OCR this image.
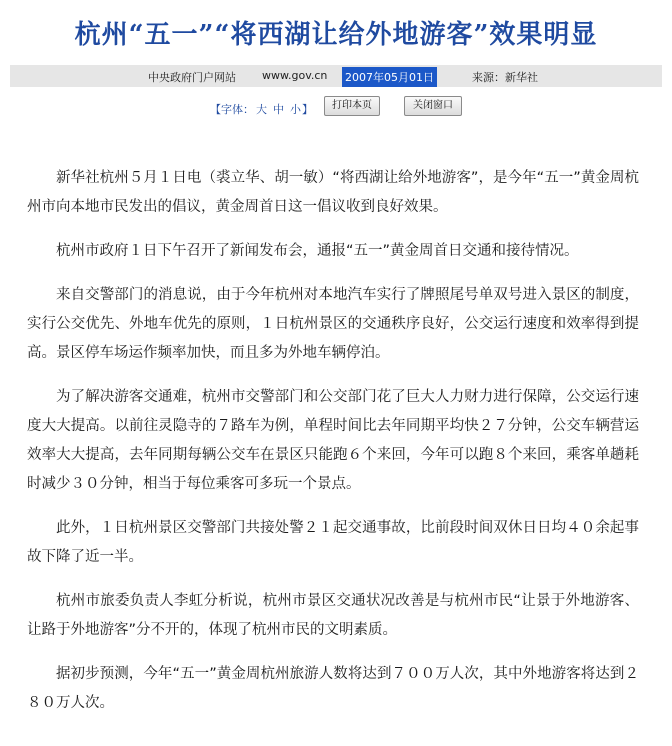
杭州“五一”“将西湖让给外地游客”效果明显
中央政府门户网站 www.gov.cn 2007年05月01日	来源：新华社
【字体： 大 中 小 】	打印本页	关闭窗口

新华社杭州５月１日电（裘立华、胡一敏）“将西湖让给外地游客”，是今年“五一”黄金周杭州市向本地市民发出的倡议，黄金周首日这一倡议收到良好效果。

杭州市政府１日下午召开了新闻发布会，通报“五一”黄金周首日交通和接待情况。

来自交警部门的消息说，由于今年杭州对本地汽车实行了牌照尾号单双号进入景区的制度，实行公交优先、外地车优先的原则，１日杭州景区的交通秩序良好，公交运行速度和效率得到提高。景区停车场运作频率加快，而且多为外地车辆停泊。

为了解决游客交通难，杭州市交警部门和公交部门花了巨大人力财力进行保障，公交运行速度大大提高。以前往灵隐寺的７路车为例，单程时间比去年同期平均快２７分钟，公交车辆营运效率大大提高，去年同期每辆公交车在景区只能跑６个来回，今年可以跑８个来回，乘客单趟耗时减少３０分钟，相当于每位乘客可多玩一个景点。

此外，１日杭州景区交警部门共接处警２１起交通事故，比前段时间双休日日均４０余起事故下降了近一半。

杭州市旅委负责人李虹分析说，杭州市景区交通状况改善是与杭州市民“让景于外地游客、让路于外地游客”分不开的，体现了杭州市民的文明素质。

据初步预测，今年“五一”黄金周杭州旅游人数将达到７００万人次，其中外地游客将达到２８０万人次。
